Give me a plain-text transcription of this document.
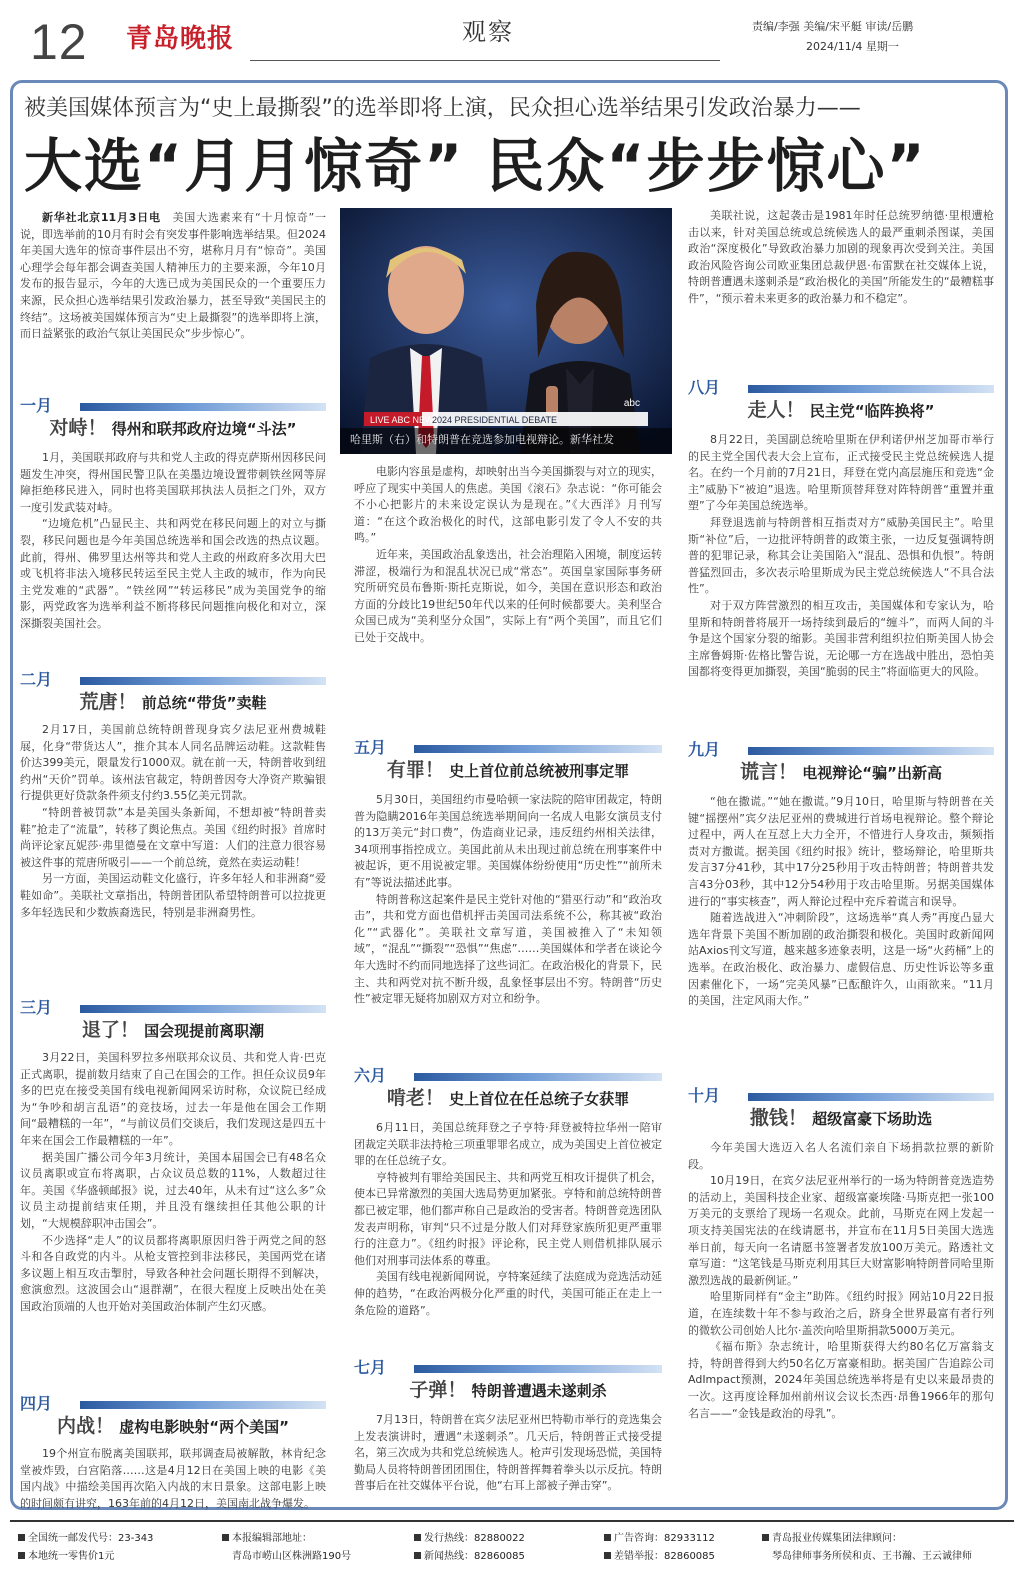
12 青岛晚报	观察	责编/李强 美编/宋平艇 审读/岳鹏
2024/11/4 星期一
被美国媒体预言为“史上最撕裂”的选举即将上演，民众担心选举结果引发政治暴力——
大选“月月惊奇” 民众“步步惊心”
LIVE ABC NEWS
2024 PRESIDENTIAL DEBATE
abc
哈里斯（右）和特朗普在竞选参加电视辩论。新华社发

新华社北京11月3日电　 美国大选素来有“十月惊奇”一说，即选举前的10月有时会有突发事件影响选举结果。但2024年美国大选年的惊奇事件层出不穷，堪称月月有“惊奇”。美国心理学会每年都会调查美国人精神压力的主要来源，今年10月发布的报告显示，今年的大选已成为美国民众的一个重要压力来源，民众担心选举结果引发政治暴力，甚至导致“美国民主的终结”。这场被美国媒体预言为“史上最撕裂”的选举即将上演，而日益紧张的政治气氛让美国民众“步步惊心”。

一月
对峙！ 得州和联邦政府边境“斗法”

1月，美国联邦政府与共和党人主政的得克萨斯州因移民问题发生冲突，得州国民警卫队在美墨边境设置带刺铁丝网等屏障拒绝移民进入，同时也将美国联邦执法人员拒之门外，双方一度引发武装对峙。

“边境危机”凸显民主、共和两党在移民问题上的对立与撕裂，移民问题也是今年美国总统选举和国会改选的热点议题。此前，得州、佛罗里达州等共和党人主政的州政府多次用大巴或飞机将非法入境移民转运至民主党人主政的城市，作为向民主党发难的“武器”。“铁丝网”“转运移民”成为美国党争的缩影，两党政客为选举利益不断将移民问题推向极化和对立，深深撕裂美国社会。

二月
荒唐！ 前总统“带货”卖鞋

2月17日，美国前总统特朗普现身宾夕法尼亚州费城鞋展，化身“带货达人”，推介其本人同名品牌运动鞋。这款鞋售价达399美元，限量发行1000双。就在前一天，特朗普收到纽约州“天价”罚单。该州法官裁定，特朗普因夸大净资产欺骗银行提供更好贷款条件须支付约3.55亿美元罚款。

“特朗普被罚款”本是美国头条新闻，不想却被“特朗普卖鞋”抢走了“流量”，转移了舆论焦点。美国《纽约时报》首席时尚评论家瓦妮莎·弗里德曼在文章中写道：人们的注意力很容易被这件事的荒唐所吸引——一个前总统，竟然在卖运动鞋！

另一方面，美国运动鞋文化盛行，许多年轻人和非洲裔“爱鞋如命”。美联社文章指出，特朗普团队希望特朗普可以拉拢更多年轻选民和少数族裔选民，特别是非洲裔男性。

三月
退了！ 国会现提前离职潮

3月22日，美国科罗拉多州联邦众议员、共和党人肯·巴克正式离职，提前数月结束了自己在国会的工作。担任众议员9年多的巴克在接受美国有线电视新闻网采访时称，众议院已经成为“争吵和胡言乱语”的竞技场，过去一年是他在国会工作期间“最糟糕的一年”，“与前议员们交谈后，我们发现这是四五十年来在国会工作最糟糕的一年”。

据美国广播公司今年3月统计，美国本届国会已有48名众议员离职或宣布将离职，占众议员总数的11%，人数超过往年。美国《华盛顿邮报》说，过去40年，从未有过“这么多”众议员主动提前结束任期，并且没有继续担任其他公职的计划，“大规模辞职冲击国会”。

不少选择“走人”的议员都将离职原因归咎于两党之间的怒斗和各自政党的内斗。从枪支管控到非法移民，美国两党在诸多议题上相互攻击掣肘，导致各种社会问题长期得不到解决，愈演愈烈。这波国会山“退群潮”，在很大程度上反映出处在美国政治顶端的人也开始对美国政治体制产生幻灭感。

四月
内战！ 虚构电影映射“两个美国”

19个州宣布脱离美国联邦，联邦调查局被解散，林肯纪念堂被炸毁，白宫陷落……这是4月12日在美国上映的电影《美国内战》中描绘美国再次陷入内战的末日景象。这部电影上映的时间颇有讲究，163年前的4月12日，美国南北战争爆发。

电影内容虽是虚构，却映射出当今美国撕裂与对立的现实，呼应了现实中美国人的焦虑。美国《滚石》杂志说：“你可能会不小心把影片的未来设定误认为是现在。”《大西洋》月刊写道：“在这个政治极化的时代，这部电影引发了令人不安的共鸣。”

近年来，美国政治乱象迭出，社会治理陷入困境，制度运转滞涩，极端行为和混乱状况已成“常态”。英国皇家国际事务研究所研究员布鲁斯·斯托克斯说，如今，美国在意识形态和政治方面的分歧比19世纪50年代以来的任何时候都要大。美利坚合众国已成为“美利坚分众国”，实际上有“两个美国”，而且它们已处于交战中。

五月
有罪！ 史上首位前总统被刑事定罪

5月30日，美国纽约市曼哈顿一家法院的陪审团裁定，特朗普为隐瞒2016年美国总统选举期间向一名成人电影女演员支付的13万美元“封口费”，伪造商业记录，违反纽约州相关法律，34项刑事指控成立。美国此前从未出现过前总统在刑事案件中被起诉，更不用说被定罪。美国媒体纷纷使用“历史性”“前所未有”等说法描述此事。

特朗普称这起案件是民主党针对他的“猎巫行动”和“政治攻击”，共和党方面也借机抨击美国司法系统不公，称其被“政治化”“武器化”。美联社文章写道，美国被推入了“未知领域”，“混乱”“撕裂”“恐惧”“焦虑”……美国媒体和学者在谈论今年大选时不约而同地选择了这些词汇。在政治极化的背景下，民主、共和两党对抗不断升级，乱象怪事层出不穷。特朗普“历史性”被定罪无疑将加剧双方对立和纷争。

六月
啃老！ 史上首位在任总统子女获罪

6月11日，美国总统拜登之子亨特·拜登被特拉华州一陪审团裁定关联非法持枪三项重罪罪名成立，成为美国史上首位被定罪的在任总统子女。

亨特被判有罪给美国民主、共和两党互相攻讦提供了机会，使本已异常激烈的美国大选局势更加紧张。亨特和前总统特朗普都已被定罪，他们都声称自己是政治的受害者。特朗普竞选团队发表声明称，审判“只不过是分散人们对拜登家族所犯更严重罪行的注意力”。《纽约时报》评论称，民主党人则借机排队展示他们对刑事司法体系的尊重。

美国有线电视新闻网说，亨特案延续了法庭成为竞选活动延伸的趋势，“在政治两极分化严重的时代，美国可能正在走上一条危险的道路”。

七月
子弹！ 特朗普遭遇未遂刺杀

7月13日，特朗普在宾夕法尼亚州巴特勒市举行的竞选集会上发表演讲时，遭遇“未遂刺杀”。几天后，特朗普正式接受提名，第三次成为共和党总统候选人。枪声引发现场恐慌，美国特勤局人员将特朗普团团围住，特朗普挥舞着拳头以示反抗。特朗普事后在社交媒体平台说，他“右耳上部被子弹击穿”。

美联社说，这起袭击是1981年时任总统罗纳德·里根遭枪击以来，针对美国总统或总统候选人的最严重刺杀图谋，美国政治“深度极化”导致政治暴力加剧的现象再次受到关注。美国政治风险咨询公司欧亚集团总裁伊恩·布雷默在社交媒体上说，特朗普遭遇未遂刺杀是“政治极化的美国”所能发生的“最糟糕事件”，“预示着未来更多的政治暴力和不稳定”。

八月
走人！ 民主党“临阵换将”

8月22日，美国副总统哈里斯在伊利诺伊州芝加哥市举行的民主党全国代表大会上宣布，正式接受民主党总统候选人提名。在约一个月前的7月21日，拜登在党内高层施压和竞选“金主”威胁下“被迫”退选。哈里斯顶替拜登对阵特朗普“重置并重塑”了今年美国总统选举。

拜登退选前与特朗普相互指责对方“威胁美国民主”。哈里斯“补位”后，一边批评特朗普的政策主张，一边反复强调特朗普的犯罪记录，称其会让美国陷入“混乱、恐惧和仇恨”。特朗普猛烈回击，多次表示哈里斯成为民主党总统候选人“不具合法性”。

对于双方阵营激烈的相互攻击，美国媒体和专家认为，哈里斯和特朗普将展开一场持续到最后的“缠斗”，而两人间的斗争是这个国家分裂的缩影。美国非营利组织拉伯斯美国人协会主席鲁姆斯·佐格比警告说，无论哪一方在选战中胜出，恐怕美国都将变得更加撕裂，美国“脆弱的民主”将面临更大的风险。

九月
谎言！ 电视辩论“骗”出新高

“他在撒谎。”“她在撒谎。”9月10日，哈里斯与特朗普在关键“摇摆州”宾夕法尼亚州的费城进行首场电视辩论。整个辩论过程中，两人在互怼上大力全开，不惜进行人身攻击，频频指责对方撒谎。据美国《纽约时报》统计，整场辩论，哈里斯共发言37分41秒，其中17分25秒用于攻击特朗普；特朗普共发言43分03秒，其中12分54秒用于攻击哈里斯。另据美国媒体进行的“事实核查”，两人辩论过程中充斥着谎言和误导。

随着选战进入“冲刺阶段”，这场选举“真人秀”再度凸显大选年背景下美国不断加剧的政治撕裂和极化。美国时政新闻网站Axios刊文写道，越来越多迹象表明，这是一场“火药桶”上的选举。在政治极化、政治暴力、虚假信息、历史性诉讼等多重因素催化下，一场“完美风暴”已酝酿许久，山雨欲来。“11月的美国，注定风雨大作。”

十月
撒钱！ 超级富豪下场助选

今年美国大选迈入名人名流们亲自下场捐款拉票的新阶段。

10月19日，在宾夕法尼亚州举行的一场为特朗普竞选造势的活动上，美国科技企业家、超级富豪埃隆·马斯克把一张100万美元的支票给了现场一名观众。此前，马斯克在网上发起一项支持美国宪法的在线请愿书，并宣布在11月5日美国大选选举日前，每天向一名请愿书签署者发放100万美元。路透社文章写道：“这笔钱是马斯克利用其巨大财富影响特朗普同哈里斯激烈选战的最新例证。”

哈里斯同样有“金主”助阵。《纽约时报》网站10月22日报道，在连续数十年不参与政治之后，跻身全世界最富有者行列的微软公司创始人比尔·盖茨向哈里斯捐款5000万美元。

《福布斯》杂志统计，哈里斯获得大约80名亿万富翁支持，特朗普得到大约50名亿万富豪相助。据美国广告追踪公司AdImpact预测，2024年美国总统选举将是有史以来最昂贵的一次。这再度诠释加州前州议会议长杰西·昂鲁1966年的那句名言——“金钱是政治的母乳”。

全国统一邮发代号：23-343
本地统一零售价1元
本报编辑部地址：
青岛市崂山区株洲路190号
发行热线：82880022
新闻热线：82860085
广告咨询：82933112
差错举报：82860085
青岛报业传媒集团法律顾问：
琴岛律师事务所侯和贞、王书瀚、王云诚律师
